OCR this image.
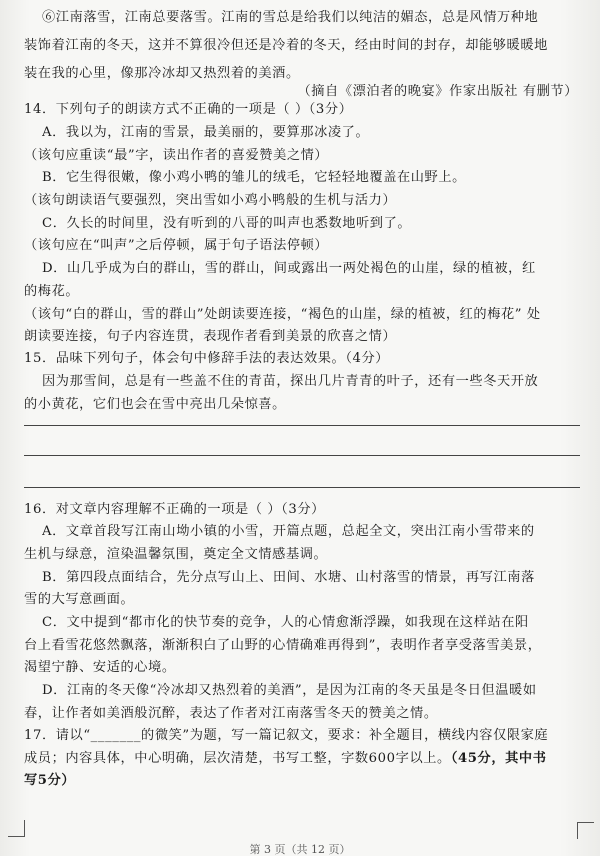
⑥江南落雪，江南总要落雪。江南的雪总是给我们以纯洁的媚态，总是风情万种地
装饰着江南的冬天，这并不算很冷但还是冷着的冬天，经由时间的封存，却能够暖暖地
装在我的心里，像那冷冰却又热烈着的美酒。
（摘自《漂泊者的晚宴》作家出版社 有删节）
14．下列句子的朗读方式不正确的一项是（ ）（3分）
A．我以为，江南的雪景，最美丽的，要算那冰凌了。
（该句应重读“最”字，读出作者的喜爱赞美之情）
B．它生得很嫩，像小鸡小鸭的雏儿的绒毛，它轻轻地覆盖在山野上。
（该句朗读语气要强烈，突出雪如小鸡小鸭般的生机与活力）
C．久长的时间里，没有听到的八哥的叫声也悉数地听到了。
（该句应在“叫声”之后停顿，属于句子语法停顿）
D．山几乎成为白的群山，雪的群山，间或露出一两处褐色的山崖，绿的植被，红
的梅花。
（该句“白的群山，雪的群山”处朗读要连接，“褐色的山崖，绿的植被，红的梅花” 处
朗读要连接，句子内容连贯，表现作者看到美景的欣喜之情）
15．品味下列句子，体会句中修辞手法的表达效果。（4分）
因为那雪间，总是有一些盖不住的青苗，探出几片青青的叶子，还有一些冬天开放
的小黄花，它们也会在雪中亮出几朵惊喜。
16．对文章内容理解不正确的一项是（ ）（3分）
A．文章首段写江南山坳小镇的小雪，开篇点题，总起全文，突出江南小雪带来的
生机与绿意，渲染温馨氛围，奠定全文情感基调。
B．第四段点面结合，先分点写山上、田间、水塘、山村落雪的情景，再写江南落
雪的大写意画面。
C．文中提到“都市化的快节奏的竞争，人的心情愈渐浮躁，如我现在这样站在阳
台上看雪花悠然飘落，渐渐积白了山野的心情确难再得到”，表明作者享受落雪美景，
渴望宁静、安适的心境。
D．江南的冬天像“冷冰却又热烈着的美酒”，是因为江南的冬天虽是冬日但温暖如
春，让作者如美酒般沉醉，表达了作者对江南落雪冬天的赞美之情。
17．请以“_______的微笑”为题，写一篇记叙文，要求：补全题目，横线内容仅限家庭
成员；内容具体，中心明确，层次清楚，书写工整，字数600字以上。（45分，其中书
写5分）
第 3 页（共 12 页）
